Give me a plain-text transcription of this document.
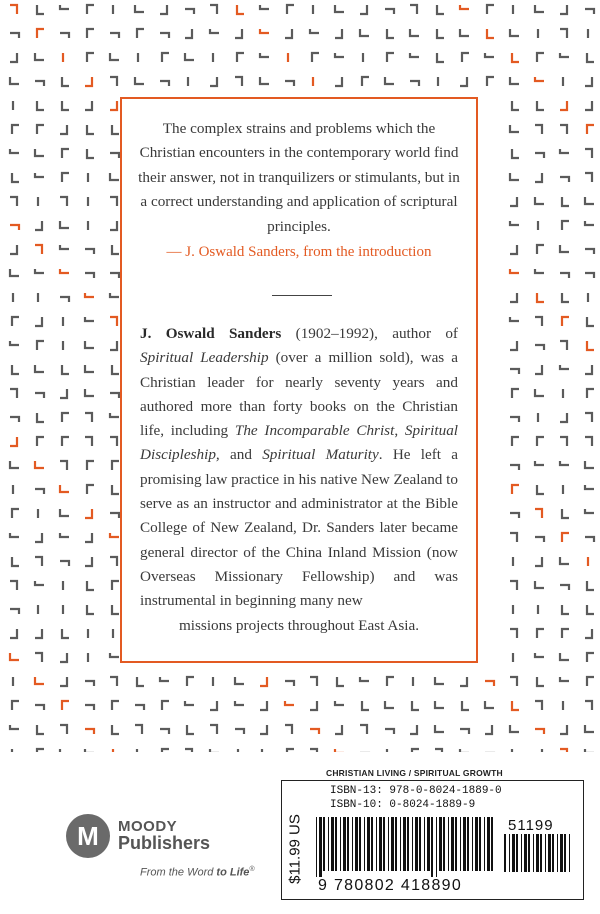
The complex strains and problems which the Christian encounters in the contemporary world find their answer, not in tranquilizers or stimulants, but in a correct understanding and application of scriptural principles.
— J. Oswald Sanders, from the introduction
J. Oswald Sanders (1902–1992), author of Spiritual Leadership (over a million sold), was a Christian leader for nearly seventy years and authored more than forty books on the Christian life, including The Incomparable Christ, Spiritual Discipleship, and Spiritual Maturity. He left a promising law practice in his native New Zealand to serve as an instructor and administrator at the Bible College of New Zealand, Dr. Sanders later became general director of the China Inland Mission (now Overseas Missionary Fellowship) and was instrumental in beginning many new
missions projects throughout East Asia.
M	MOODY
Publishers
From the Word to Life®
CHRISTIAN LIVING / SPIRITUAL GROWTH
ISBN-13: 978-0-8024-1889-0
ISBN-10: 0-8024-1889-9
$11.99 US	51199
9 780802 418890
